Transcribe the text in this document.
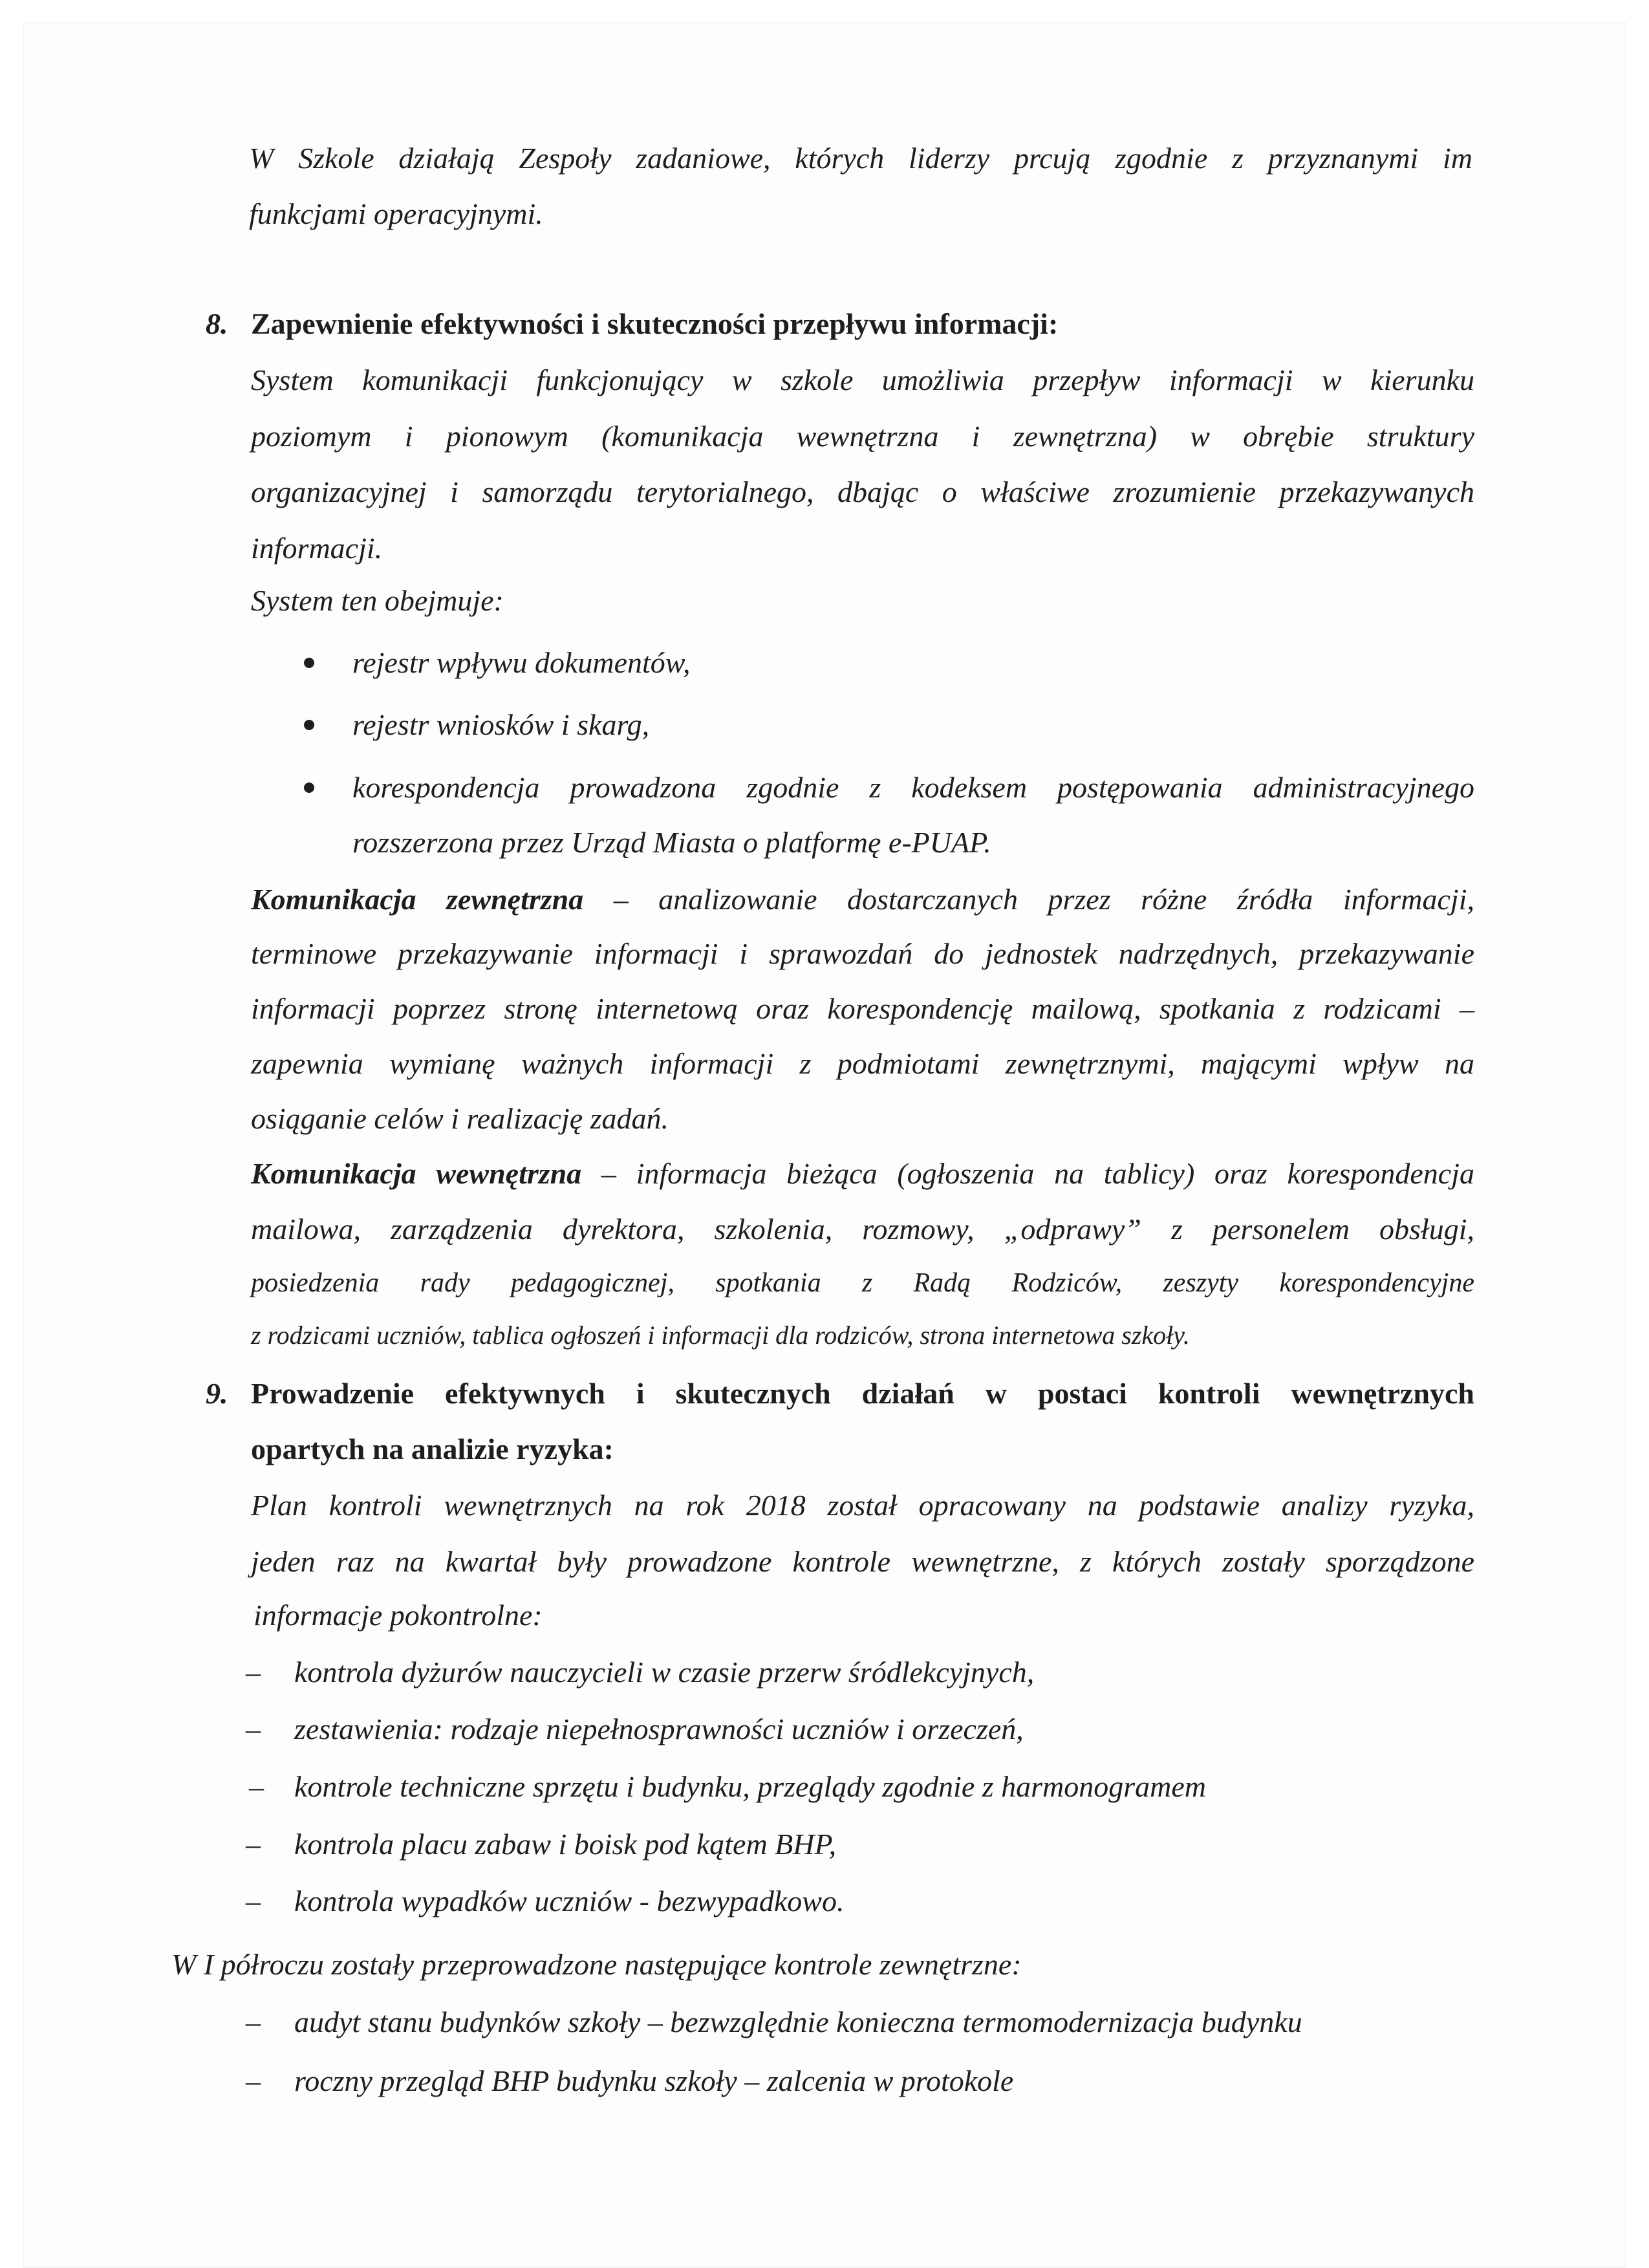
W Szkole działają Zespoły zadaniowe, których liderzy prcują zgodnie z przyznanymi im
funkcjami operacyjnymi.
8. Zapewnienie efektywności i skuteczności przepływu informacji:
System komunikacji funkcjonujący w szkole umożliwia przepływ informacji w kierunku
poziomym i pionowym (komunikacja wewnętrzna i zewnętrzna) w obrębie struktury
organizacyjnej i samorządu terytorialnego, dbając o właściwe zrozumienie przekazywanych
informacji.
System ten obejmuje:
rejestr wpływu dokumentów,
rejestr wniosków i skarg,
korespondencja prowadzona zgodnie z kodeksem postępowania administracyjnego
rozszerzona przez Urząd Miasta o platformę e-PUAP.
Komunikacja zewnętrzna – analizowanie dostarczanych przez różne źródła informacji,
terminowe przekazywanie informacji i sprawozdań do jednostek nadrzędnych, przekazywanie
informacji poprzez stronę internetową oraz korespondencję mailową, spotkania z rodzicami –
zapewnia wymianę ważnych informacji z podmiotami zewnętrznymi, mającymi wpływ na
osiąganie celów i realizację zadań.
Komunikacja wewnętrzna – informacja bieżąca (ogłoszenia na tablicy) oraz korespondencja
mailowa, zarządzenia dyrektora, szkolenia, rozmowy, „odprawy” z personelem obsługi,
posiedzenia rady pedagogicznej, spotkania z Radą Rodziców, zeszyty korespondencyjne
z rodzicami uczniów, tablica ogłoszeń i informacji dla rodziców, strona internetowa szkoły.
9. Prowadzenie efektywnych i skutecznych działań w postaci kontroli wewnętrznych
opartych na analizie ryzyka:
Plan kontroli wewnętrznych na rok 2018 został opracowany na podstawie analizy ryzyka,
jeden raz na kwartał były prowadzone kontrole wewnętrzne, z których zostały sporządzone
informacje pokontrolne:
– kontrola dyżurów nauczycieli w czasie przerw śródlekcyjnych,
– zestawienia: rodzaje niepełnosprawności uczniów i orzeczeń,
– kontrole techniczne sprzętu i budynku, przeglądy zgodnie z harmonogramem
– kontrola placu zabaw i boisk pod kątem BHP,
– kontrola wypadków uczniów - bezwypadkowo.
W I półroczu zostały przeprowadzone następujące kontrole zewnętrzne:
– audyt stanu budynków szkoły – bezwzględnie konieczna termomodernizacja budynku
– roczny przegląd BHP budynku szkoły – zalcenia w protokole
